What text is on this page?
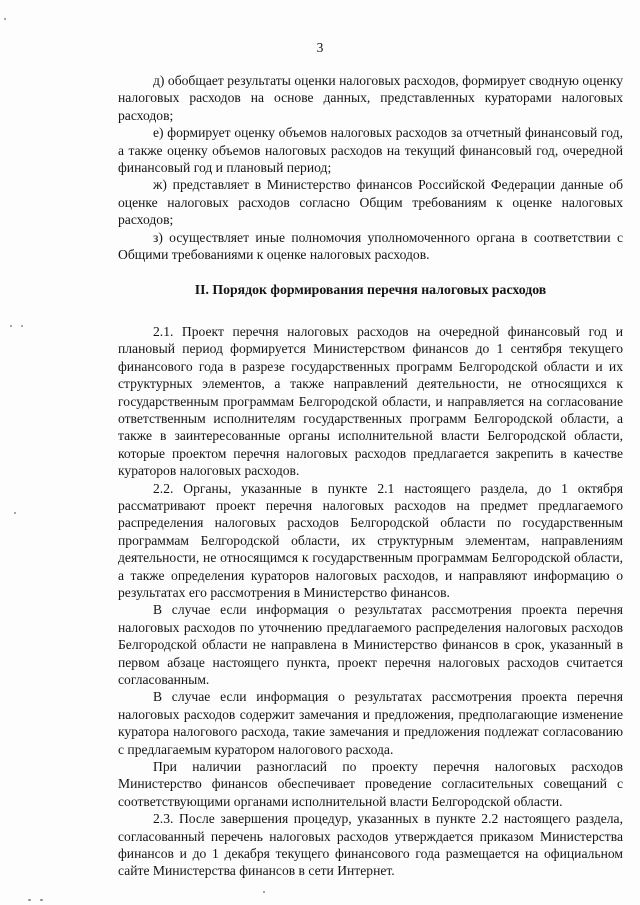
3

д) обобщает результаты оценки налоговых расходов, формирует сводную оценку налоговых расходов на основе данных, представленных кураторами налоговых расходов;

е) формирует оценку объемов налоговых расходов за отчетный финансовый год, а также оценку объемов налоговых расходов на текущий финансовый год, очередной финансовый год и плановый период;

ж) представляет в Министерство финансов Российской Федерации данные об оценке налоговых расходов согласно Общим требованиям к оценке налоговых расходов;

з) осуществляет иные полномочия уполномоченного органа в соответствии с Общими требованиями к оценке налоговых расходов.

II. Порядок формирования перечня налоговых расходов

2.1. Проект перечня налоговых расходов на очередной финансовый год и плановый период формируется Министерством финансов до 1 сентября текущего финансового года в разрезе государственных программ Белгородской области и их структурных элементов, а также направлений деятельности, не относящихся к государственным программам Белгородской области, и направляется на согласование ответственным исполнителям государственных программ Белгородской области, а также в заинтересованные органы исполнительной власти Белгородской области, которые проектом перечня налоговых расходов предлагается закрепить в качестве кураторов налоговых расходов.

2.2. Органы, указанные в пункте 2.1 настоящего раздела, до 1 октября рассматривают проект перечня налоговых расходов на предмет предлагаемого распределения налоговых расходов Белгородской области по государственным программам Белгородской области, их структурным элементам, направлениям деятельности, не относящимся к государственным программам Белгородской области, а также определения кураторов налоговых расходов, и направляют информацию о результатах его рассмотрения в Министерство финансов.

В случае если информация о результатах рассмотрения проекта перечня налоговых расходов по уточнению предлагаемого распределения налоговых расходов Белгородской области не направлена в Министерство финансов в срок, указанный в первом абзаце настоящего пункта, проект перечня налоговых расходов считается согласованным.

В случае если информация о результатах рассмотрения проекта перечня налоговых расходов содержит замечания и предложения, предполагающие изменение куратора налогового расхода, такие замечания и предложения подлежат согласованию с предлагаемым куратором налогового расхода.

При наличии разногласий по проекту перечня налоговых расходов Министерство финансов обеспечивает проведение согласительных совещаний с соответствующими органами исполнительной власти Белгородской области.

2.3. После завершения процедур, указанных в пункте 2.2 настоящего раздела, согласованный перечень налоговых расходов утверждается приказом Министерства финансов и до 1 декабря текущего финансового года размещается на официальном сайте Министерства финансов в сети Интернет.
